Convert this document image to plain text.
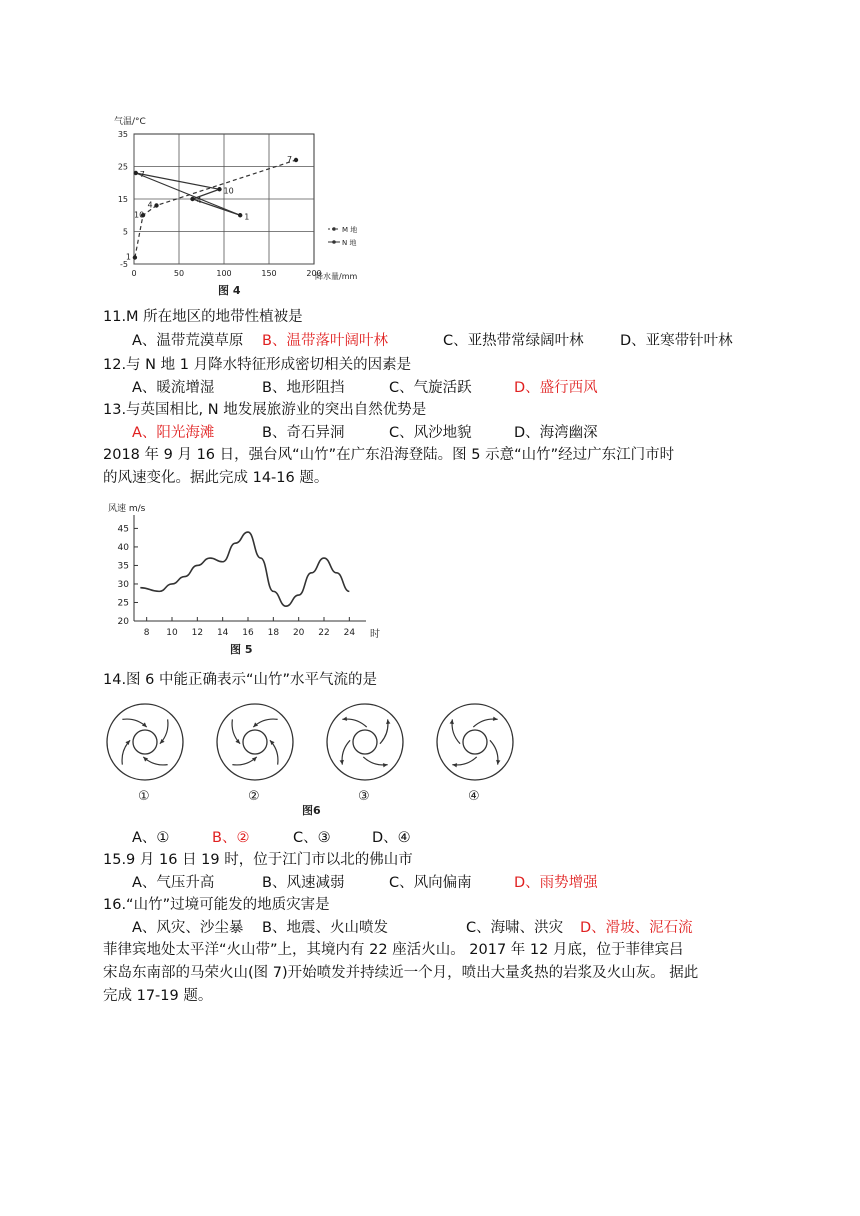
气温/°C
35
25
15
5
-5
0	50	100	150	200
降水量/mm
1
10
4
7
7
10
4
1
M 地
N 地
图 4
11.M 所在地区的地带性植被是
A、温带荒漠草原 B、温带落叶阔叶林	C、亚热带常绿阔叶林	D、亚寒带针叶林
12.与 N 地 1 月降水特征形成密切相关的因素是
A、暖流增湿	B、地形阻挡	C、气旋活跃	D、盛行西风
13.与英国相比, N 地发展旅游业的突出自然优势是
A、阳光海滩	B、奇石异洞	C、风沙地貌	D、海湾幽深
2018 年 9 月 16 日，强台风“山竹”在广东沿海登陆。图 5 示意“山竹”经过广东江门市时
的风速变化。据此完成 14-16 题。
风速 m/s
45
40
35
30
25
20
8 10 12 14 16 18 20 22 24 时
图 5
14.图 6 中能正确表示“山竹”水平气流的是
①	②	③	④
图6
A、①	B、②	C、③	D、④
15.9 月 16 日 19 时，位于江门市以北的佛山市
A、气压升高	B、风速减弱	C、风向偏南	D、雨势增强
16.“山竹”过境可能发的地质灾害是
A、风灾、沙尘暴 B、地震、火山喷发	C、海啸、洪灾 D、滑坡、泥石流
菲律宾地处太平洋“火山带”上，其境内有 22 座活火山。 2017 年 12 月底，位于菲律宾吕
宋岛东南部的马荣火山(图 7)开始喷发并持续近一个月，喷出大量炙热的岩浆及火山灰。 据此
完成 17-19 题。
